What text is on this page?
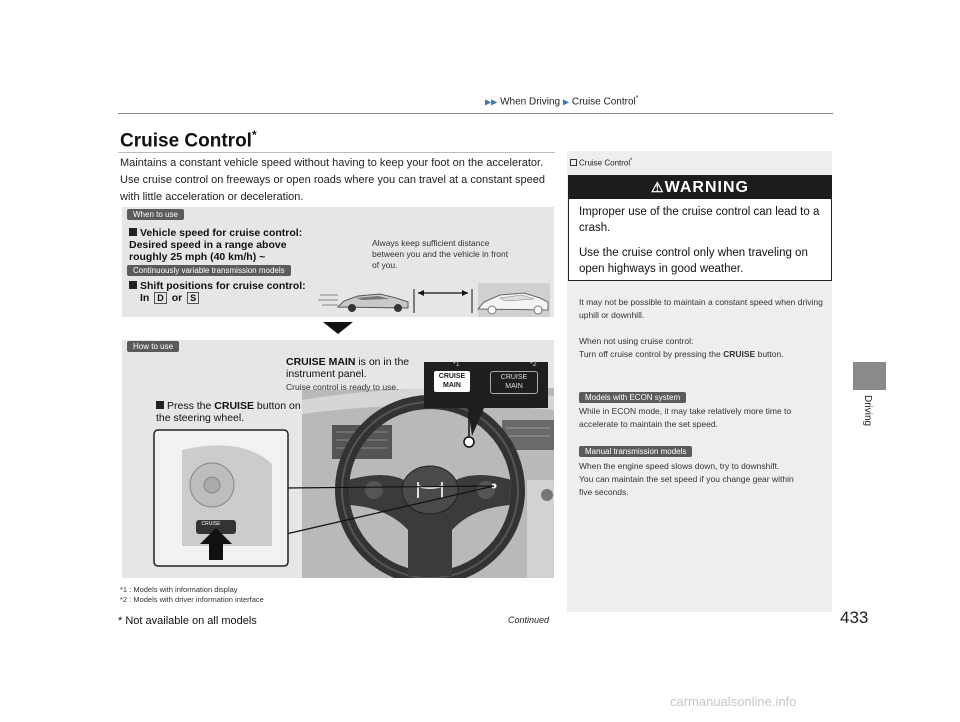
▶▶ When Driving ▶ Cruise Control*
Cruise Control*
Maintains a constant vehicle speed without having to keep your foot on the accelerator. Use cruise control on freeways or open roads where you can travel at a constant speed with little acceleration or deceleration.
When to use
Vehicle speed for cruise control: Desired speed in a range above roughly 25 mph (40 km/h) ~
Continuously variable transmission models
Shift positions for cruise control:
In D or S
Always keep sufficient distance between you and the vehicle in front of you.
How to use
*1	*2
CRUISE
MAIN
CRUISE
MAIN
CRUISE
CRUISE MAIN is on in the instrument panel.
Cruise control is ready to use.
Press the CRUISE button on the steering wheel.
*1 : Models with information display
*2 : Models with driver information interface
Cruise Control*
⚠WARNING
Improper use of the cruise control can lead to a crash.
Use the cruise control only when traveling on open highways in good weather.
It may not be possible to maintain a constant speed when driving uphill or downhill.
When not using cruise control:
Turn off cruise control by pressing the CRUISE button.
Models with ECON system
While in ECON mode, it may take relatively more time to accelerate to maintain the set speed.
Manual transmission models
When the engine speed slows down, try to downshift.
You can maintain the set speed if you change gear within five seconds.
Driving
433
Continued
* Not available on all models
carmanualsonline.info
